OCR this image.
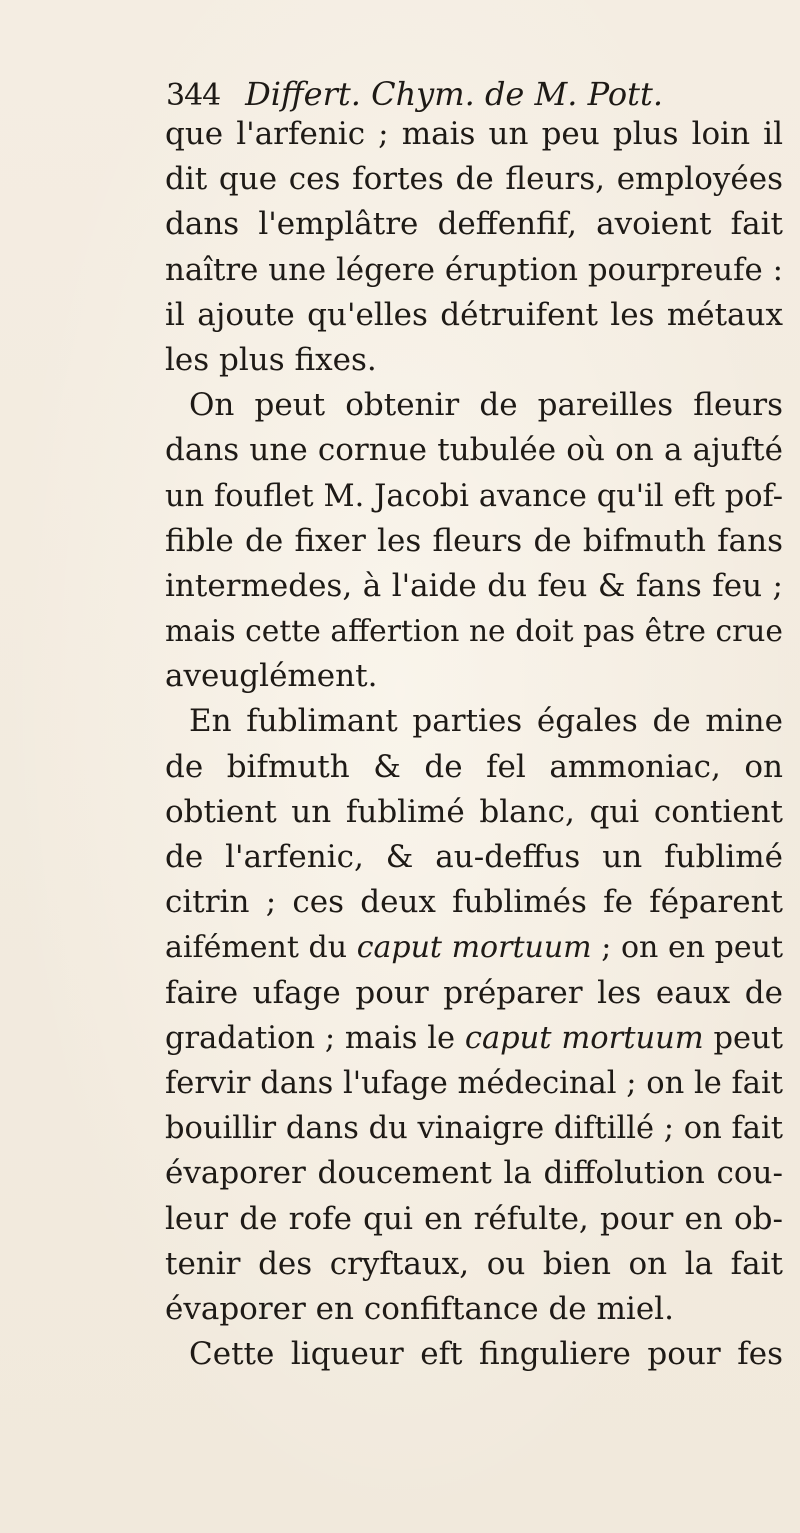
344 Differt. Chym. de M. Pott.
que l'arfenic ; mais un peu plus loin il
dit que ces fortes de fleurs, employées
dans l'emplâtre deffenfif, avoient fait
naître une légere éruption pourpreufe :
il ajoute qu'elles détruifent les métaux
les plus fixes.
On peut obtenir de pareilles fleurs
dans une cornue tubulée où on a ajufté
un fouflet M. Jacobi avance qu'il eft pof-
fible de fixer les fleurs de bifmuth fans
intermedes, à l'aide du feu & fans feu ;
mais cette affertion ne doit pas être crue
aveuglément.
En fublimant parties égales de mine
de bifmuth & de fel ammoniac, on
obtient un fublimé blanc, qui contient
de l'arfenic, & au-deffus un fublimé
citrin ; ces deux fublimés fe féparent
aifément du caput mortuum ; on en peut
faire ufage pour préparer les eaux de
gradation ; mais le caput mortuum peut
fervir dans l'ufage médecinal ; on le fait
bouillir dans du vinaigre diftillé ; on fait
évaporer doucement la diffolution cou-
leur de rofe qui en réfulte, pour en ob-
tenir des cryftaux, ou bien on la fait
évaporer en confiftance de miel.
Cette liqueur eft finguliere pour fes
